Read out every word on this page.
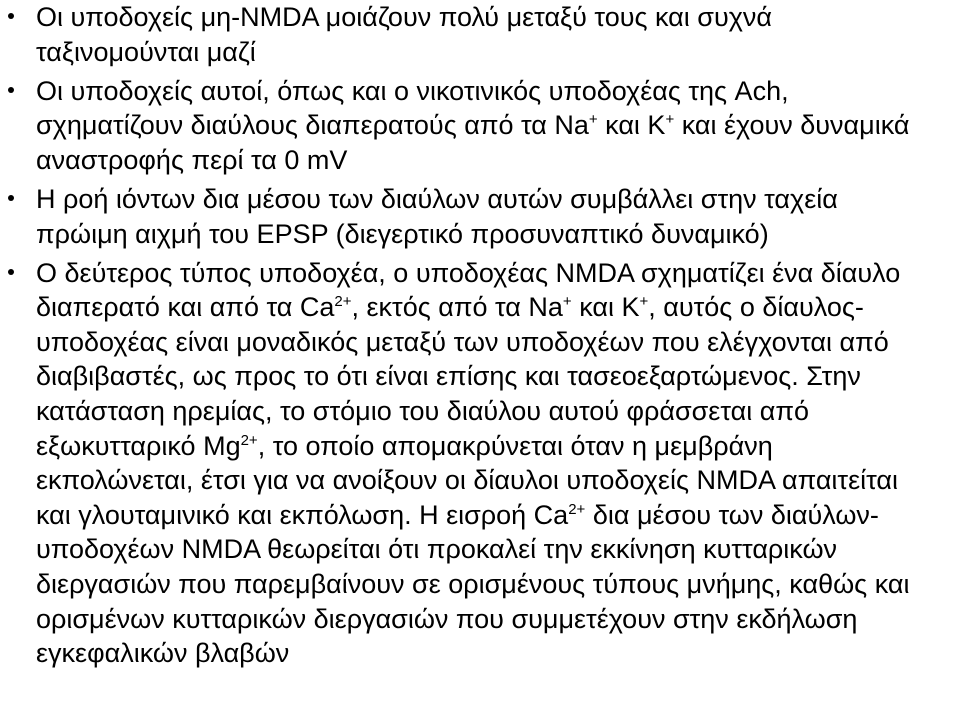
Οι υποδοχείς μη-NMDA μοιάζουν πολύ μεταξύ τους και συχνά ταξινομούνται μαζί
Οι υποδοχείς αυτοί, όπως και ο νικοτινικός υποδοχέας της Ach, σχηματίζουν διαύλους διαπερατούς από τα Na+ και K+ και έχουν δυναμικά αναστροφής περί τα 0 mV
Η ροή ιόντων δια μέσου των διαύλων αυτών συμβάλλει στην ταχεία πρώιμη αιχμή του EPSP (διεγερτικό προσυναπτικό δυναμικό)
Ο δεύτερος τύπος υποδοχέα, ο υποδοχέας NMDA σχηματίζει ένα δίαυλο διαπερατό και από τα $Ca^{2+}$, εκτός από τα Na+ και K+, αυτός ο δίαυλος-υποδοχέας είναι μοναδικός μεταξύ των υποδοχέων που ελέγχονται από διαβιβαστές, ως προς το ότι είναι επίσης και τασεοεξαρτώμενος. Στην κατάσταση ηρεμίας, το στόμιο του διαύλου αυτού φράσσεται από εξωκυτταρικό $Mg^{2+}$, το οποίο απομακρύνεται όταν η μεμβράνη εκπολώνεται, έτσι για να ανοίξουν οι δίαυλοι υποδοχείς NMDA απαιτείται και γλουταμινικό και εκπόλωση. Η εισροή $Ca^{2+}$ δια μέσου των διαύλων-υποδοχέων NMDA θεωρείται ότι προκαλεί την εκκίνηση κυτταρικών διεργασιών που παρεμβαίνουν σε ορισμένους τύπους μνήμης, καθώς και ορισμένων κυτταρικών διεργασιών που συμμετέχουν στην εκδήλωση εγκεφαλικών βλαβών
